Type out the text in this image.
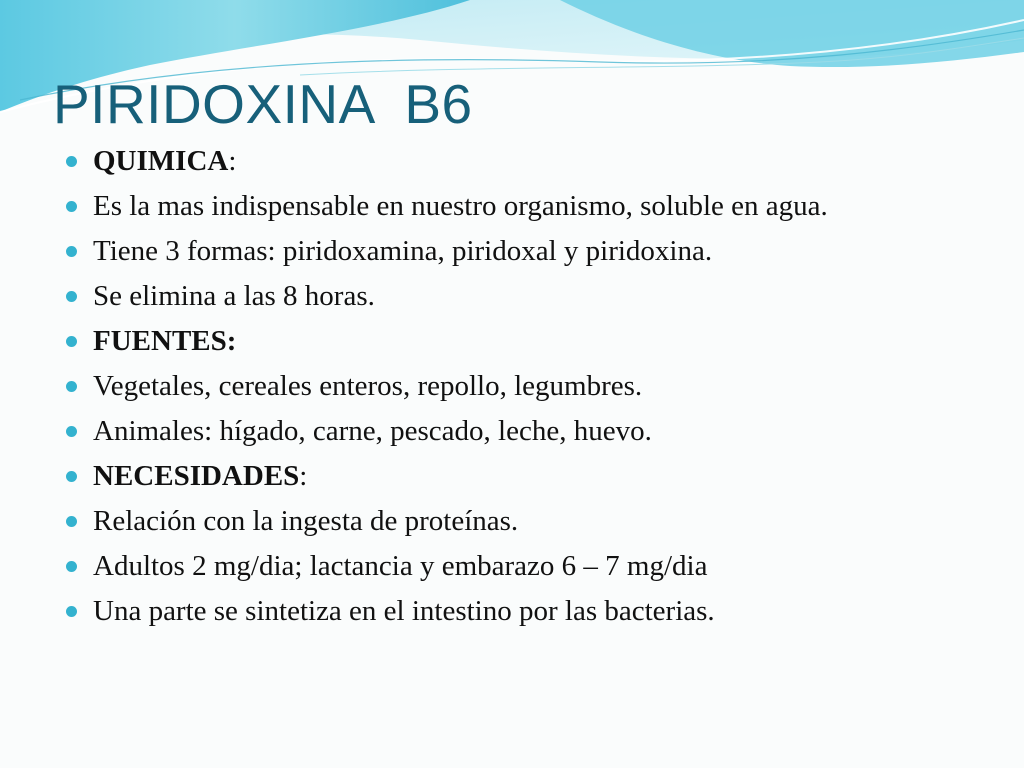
PIRIDOXINA  B6
QUIMICA:
Es la mas indispensable en nuestro organismo, soluble en agua.
Tiene 3 formas: piridoxamina, piridoxal y piridoxina.
Se elimina a las 8 horas.
FUENTES:
Vegetales, cereales enteros, repollo, legumbres.
Animales: hígado, carne, pescado, leche, huevo.
NECESIDADES:
Relación con la ingesta de proteínas.
Adultos 2 mg/dia; lactancia y embarazo 6 – 7 mg/dia
Una parte se sintetiza en el intestino por las bacterias.
